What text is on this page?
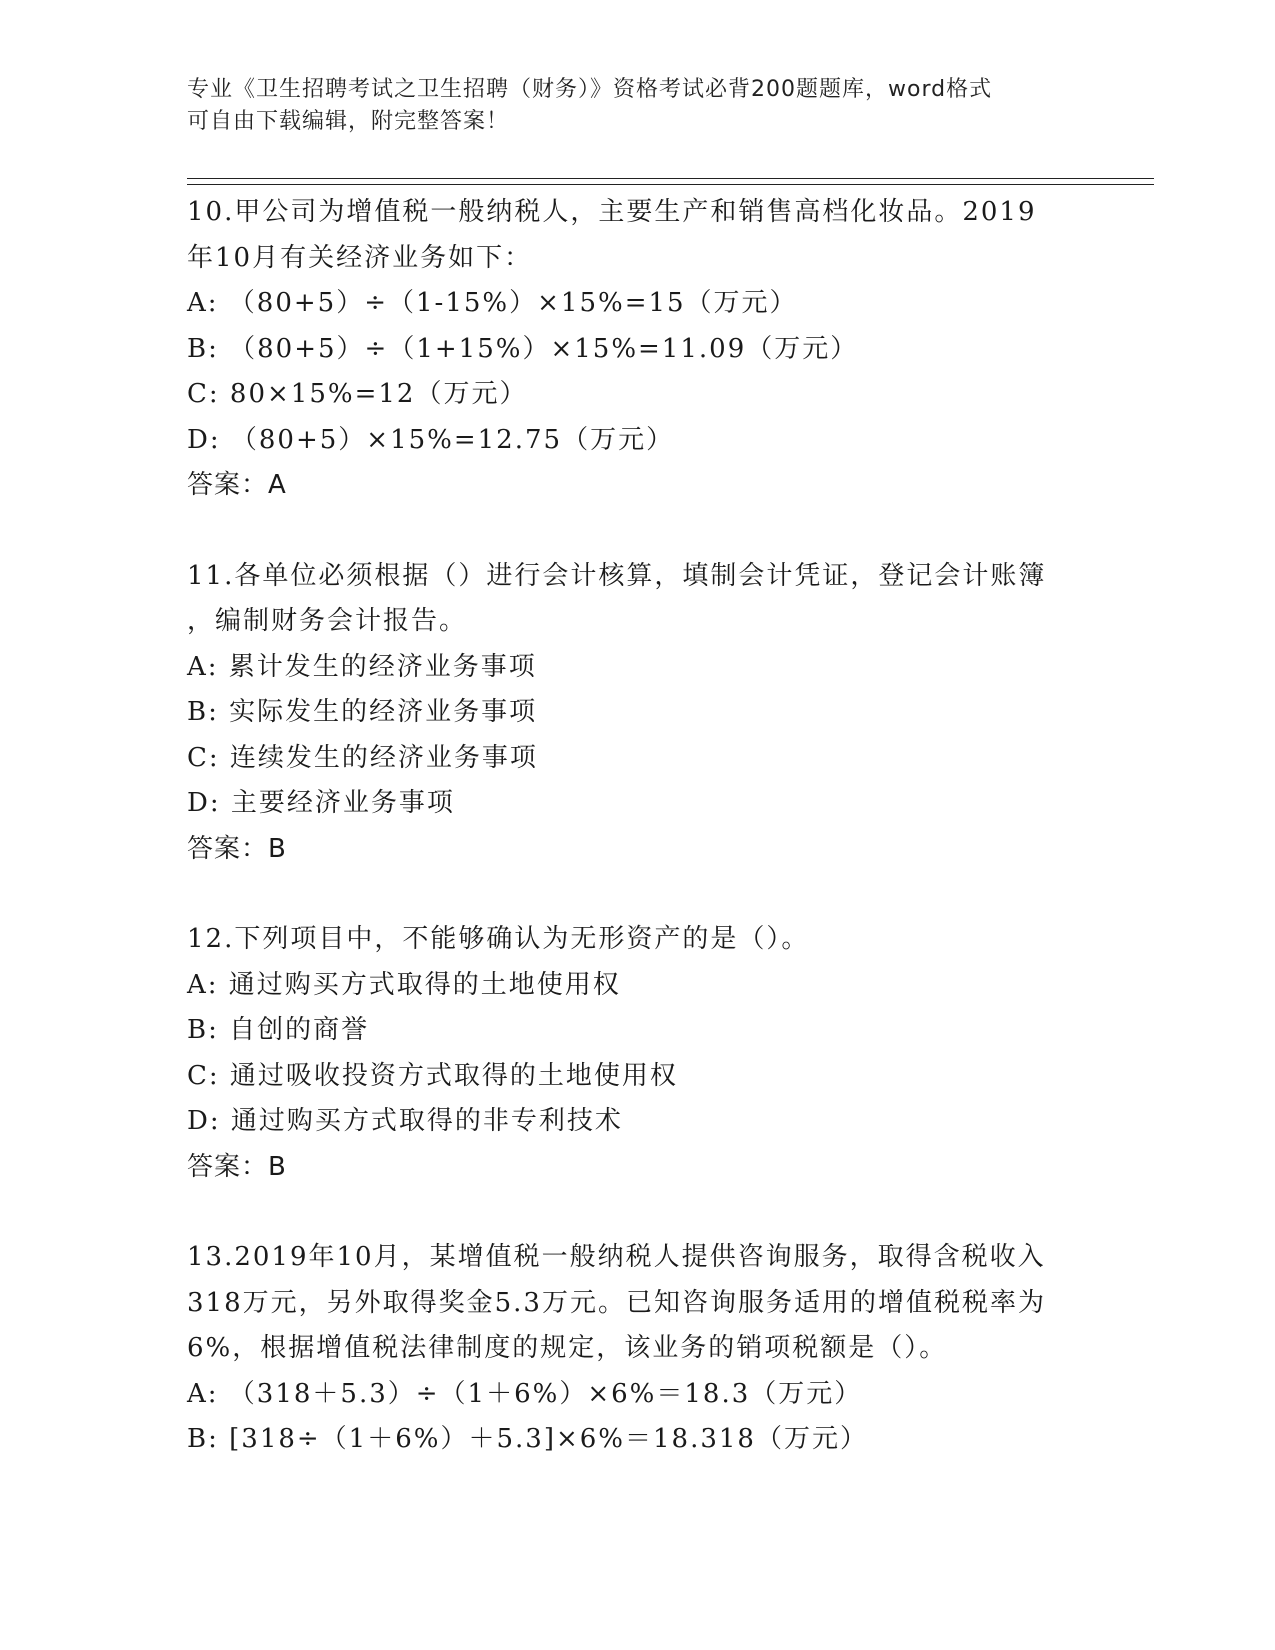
专业《卫生招聘考试之卫生招聘（财务）》资格考试必背200题题库，word格式
可自由下载编辑，附完整答案！
10.甲公司为增值税一般纳税人，主要生产和销售高档化妆品。2019
年10月有关经济业务如下：
A: （80+5）÷（1-15%）×15%=15（万元）
B: （80+5）÷（1+15%）×15%=11.09（万元）
C: 80×15%=12（万元）
D: （80+5）×15%=12.75（万元）
答案：A
11.各单位必须根据（）进行会计核算，填制会计凭证，登记会计账簿
，编制财务会计报告。
A: 累计发生的经济业务事项
B: 实际发生的经济业务事项
C: 连续发生的经济业务事项
D: 主要经济业务事项
答案：B
12.下列项目中，不能够确认为无形资产的是（）。
A: 通过购买方式取得的土地使用权
B: 自创的商誉
C: 通过吸收投资方式取得的土地使用权
D: 通过购买方式取得的非专利技术
答案：B
13.2019年10月，某增值税一般纳税人提供咨询服务，取得含税收入
318万元，另外取得奖金5.3万元。已知咨询服务适用的增值税税率为
6%，根据增值税法律制度的规定，该业务的销项税额是（）。
A: （318＋5.3）÷（1＋6%）×6%＝18.3（万元）
B: [318÷（1＋6%）＋5.3]×6%＝18.318（万元）
